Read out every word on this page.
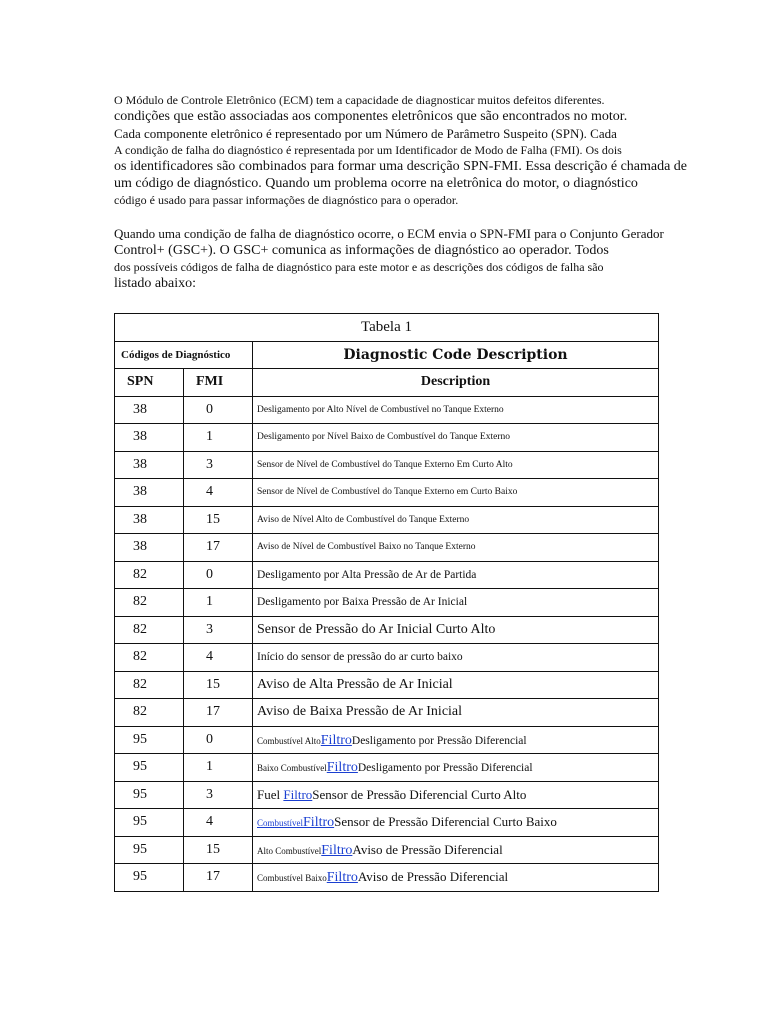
O Módulo de Controle Eletrônico (ECM) tem a capacidade de diagnosticar muitos defeitos diferentes.

condições que estão associadas aos componentes eletrônicos que são encontrados no motor.

Cada componente eletrônico é representado por um Número de Parâmetro Suspeito (SPN). Cada

A condição de falha do diagnóstico é representada por um Identificador de Modo de Falha (FMI). Os dois

os identificadores são combinados para formar uma descrição SPN-FMI. Essa descrição é chamada de

um código de diagnóstico. Quando um problema ocorre na eletrônica do motor, o diagnóstico

código é usado para passar informações de diagnóstico para o operador.

Quando uma condição de falha de diagnóstico ocorre, o ECM envia o SPN-FMI para o Conjunto Gerador

Control+ (GSC+). O GSC+ comunica as informações de diagnóstico ao operador. Todos

dos possíveis códigos de falha de diagnóstico para este motor e as descrições dos códigos de falha são

listado abaixo:

Tabela 1		
Códigos de Diagnóstico		Diagnostic Code Description
SPN	FMI	Description
38	0	Desligamento por Alto Nível de Combustível no Tanque Externo
38	1	Desligamento por Nível Baixo de Combustível do Tanque Externo
38	3	Sensor de Nível de Combustível do Tanque Externo Em Curto Alto
38	4	Sensor de Nível de Combustível do Tanque Externo em Curto Baixo
38	15	Aviso de Nível Alto de Combustível do Tanque Externo
38	17	Aviso de Nível de Combustível Baixo no Tanque Externo
82	0	Desligamento por Alta Pressão de Ar de Partida
82	1	Desligamento por Baixa Pressão de Ar Inicial
82	3	Sensor de Pressão do Ar Inicial Curto Alto
82	4	Início do sensor de pressão do ar curto baixo
82	15	Aviso de Alta Pressão de Ar Inicial
82	17	Aviso de Baixa Pressão de Ar Inicial
95	0	Combustível AltoFiltroDesligamento por Pressão Diferencial
95	1	Baixo CombustívelFiltroDesligamento por Pressão Diferencial
95	3	Fuel FiltroSensor de Pressão Diferencial Curto Alto
95	4	CombustívelFiltroSensor de Pressão Diferencial Curto Baixo
95	15	Alto CombustívelFiltroAviso de Pressão Diferencial
95	17	Combustível BaixoFiltroAviso de Pressão Diferencial
